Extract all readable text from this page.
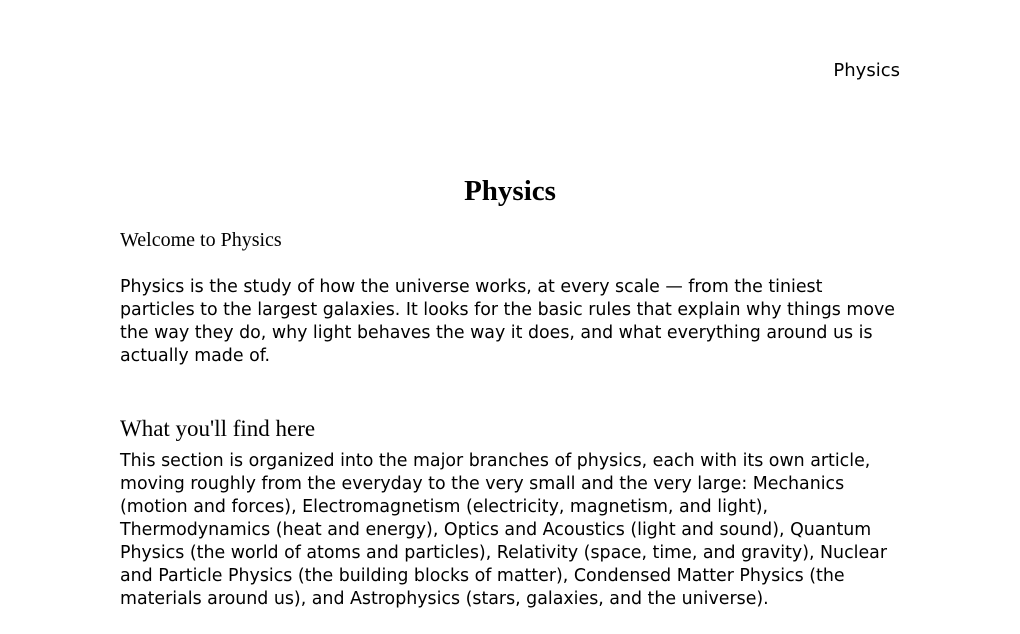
Physics
Physics
Welcome to Physics

Physics is the study of how the universe works, at every scale — from the tiniest particles to the largest galaxies. It looks for the basic rules that explain why things move the way they do, why light behaves the way it does, and what everything around us is actually made of.

What you'll find here

This section is organized into the major branches of physics, each with its own article, moving roughly from the everyday to the very small and the very large: Mechanics (motion and forces), Electromagnetism (electricity, magnetism, and light), Thermodynamics (heat and energy), Optics and Acoustics (light and sound), Quantum Physics (the world of atoms and particles), Relativity (space, time, and gravity), Nuclear and Particle Physics (the building blocks of matter), Condensed Matter Physics (the materials around us), and Astrophysics (stars, galaxies, and the universe).
